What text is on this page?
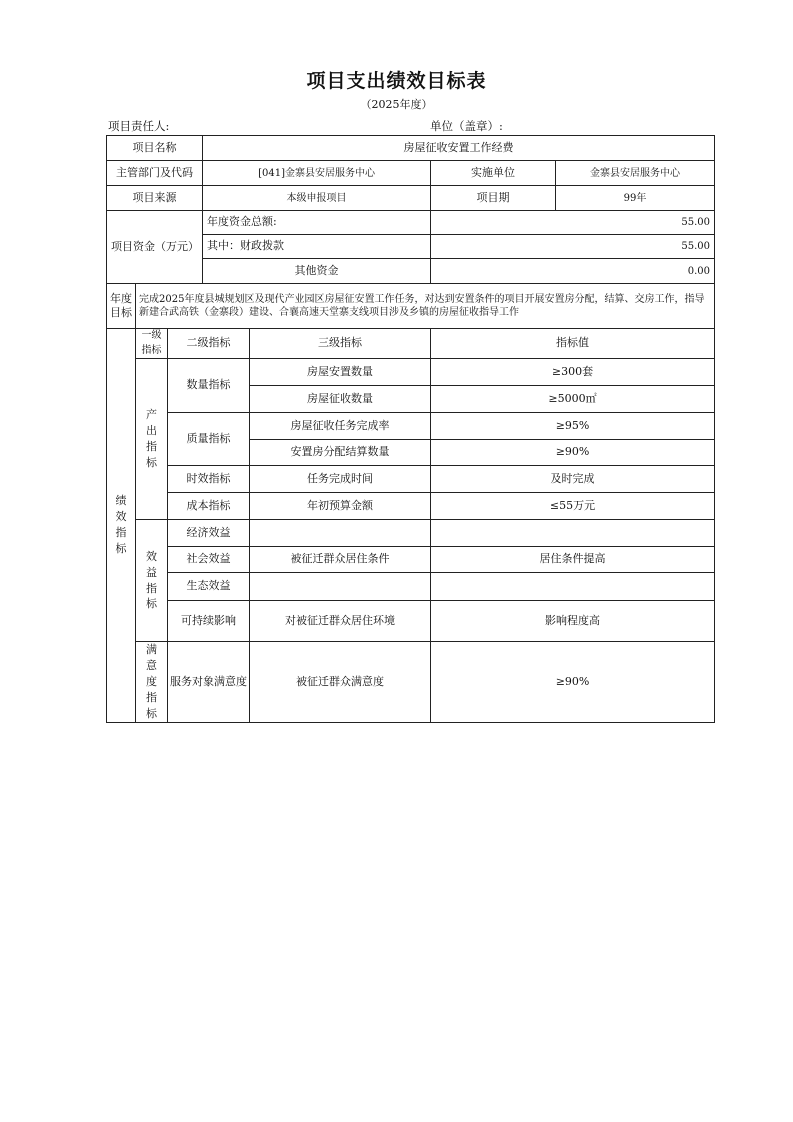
项目支出绩效目标表
（2025年度）
项目责任人:	单位（盖章）:
项目名称			房屋征收安置工作经费			
主管部门及代码			[041]金寨县安居服务中心		实施单位	金寨县安居服务中心
项目来源			本级申报项目		项目期	99年
项目资金（万元）			年度资金总额:		55.00	
			其中：财政拨款		55.00	
			其他资金		0.00	
年度目标	完成2025年度县城规划区及现代产业园区房屋征安置工作任务，对达到安置条件的项目开展安置房分配，结算、交房工作，指导新建合武高铁（金寨段）建设、合襄高速天堂寨支线项目涉及乡镇的房屋征收指导工作					
绩效指标	一级指标	二级指标		三级指标	指标值	
	产出指标	数量指标		房屋安置数量	≥300套	
				房屋征收数量	≥5000㎡	
		质量指标		房屋征收任务完成率	≥95%	
				安置房分配结算数量	≥90%	
		时效指标		任务完成时间	及时完成	
		成本指标		年初预算金额	≤55万元	
	效益指标	经济效益				
		社会效益		被征迁群众居住条件	居住条件提高	
		生态效益				
		可持续影响		对被征迁群众居住环境	影响程度高	
	满意度指标	服务对象满意度		被征迁群众满意度	≥90%	
